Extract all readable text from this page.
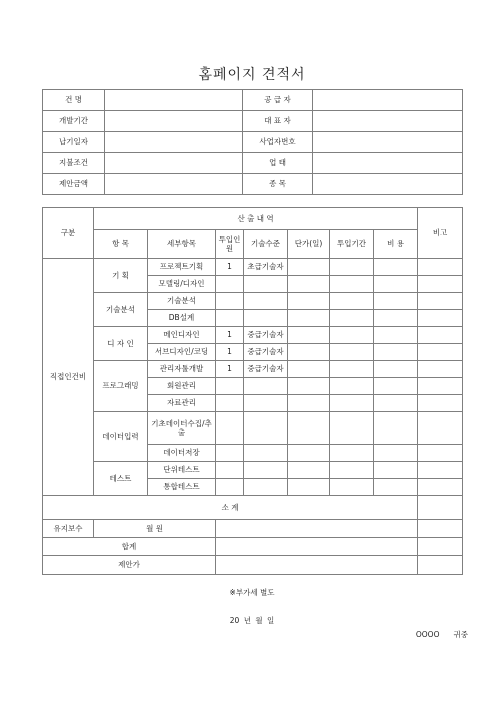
홈페이지 견적서
건 명		공 급 자	
개발기간		대 표 자	
납기일자		사업자번호	
지불조건		업 태	
제안금액		종 목	
구분	산 출 내 역							비고
	항 목	세부항목	투입인원	기술수준	단가(일)	투입기간	비 용	
직접인건비	기 획	프로젝트기획	1	초급기술자				
		모델링/디자인						
	기술분석	기술분석						
		DB설계						
	디 자 인	메인디자인	1	중급기술자				
		서브디자인/코딩	1	중급기술자				
	프로그래밍	관리자툴개발	1	중급기술자				
		회원관리						
		자료관리						
	데이터입력	기초데이터수집/추출						
		데이터저장						
	테스트	단위테스트						
		통합테스트						
소 계								
유지보수	월 원							
합계								
제안가								
※부가세 별도
20 년 월 일
OOOO 귀중
